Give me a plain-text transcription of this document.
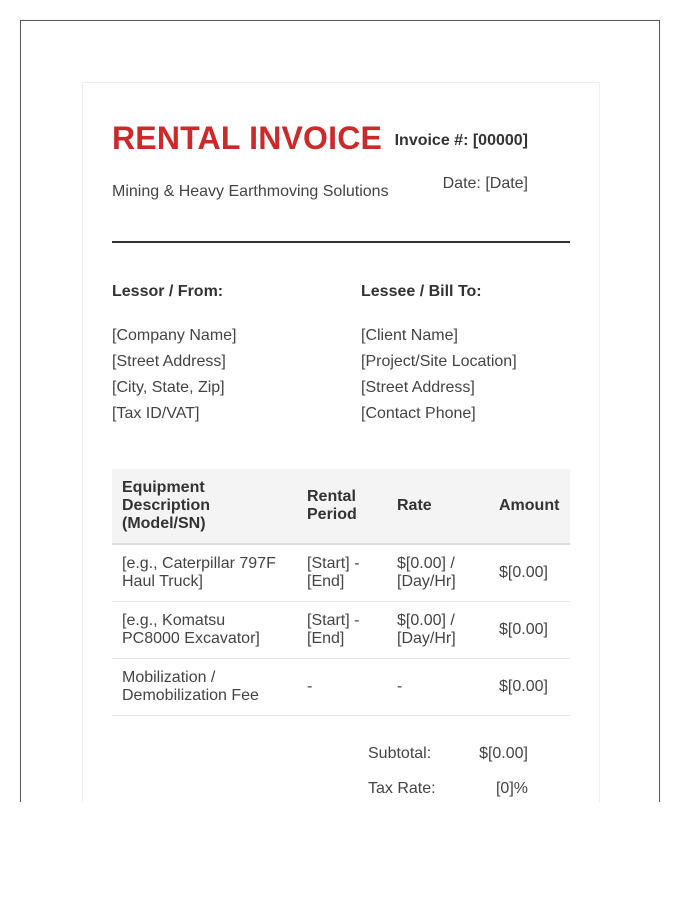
RENTAL INVOICE
Mining & Heavy Earthmoving Solutions
Invoice #: [00000]
Date: [Date]
Lessor / From:
[Company Name]
[Street Address]
[City, State, Zip]
[Tax ID/VAT]
Lessee / Bill To:
[Client Name]
[Project/Site Location]
[Street Address]
[Contact Phone]
Equipment Description (Model/SN)	Rental Period	Rate	Amount
[e.g., Caterpillar 797F Haul Truck]	[Start] - [End]	$[0.00] / [Day/Hr]	$[0.00]
[e.g., Komatsu PC8000 Excavator]	[Start] - [End]	$[0.00] / [Day/Hr]	$[0.00]
Mobilization / Demobilization Fee	-	-	$[0.00]
Subtotal:	$[0.00]
Tax Rate:	[0]%
